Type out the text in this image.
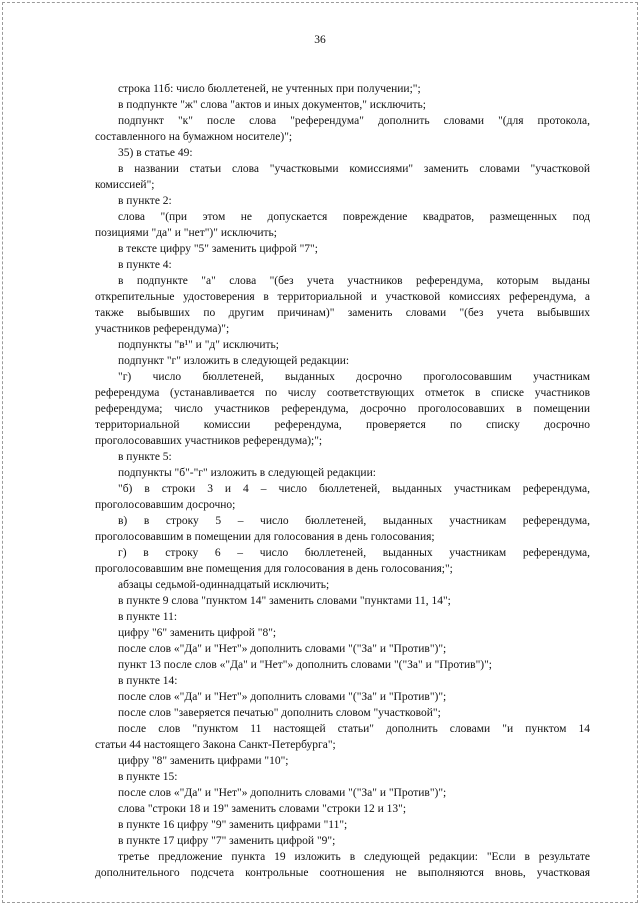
36
строка 11б: число бюллетеней, не учтенных при получении;";
в подпункте "ж" слова "актов и иных документов," исключить;
подпункт "к" после слова "референдума" дополнить словами "(для протокола,
составленного на бумажном носителе)";
35) в статье 49:
в названии статьи слова "участковыми комиссиями" заменить словами "участковой
комиссией";
в пункте 2:
слова "(при этом не допускается повреждение квадратов, размещенных под
позициями "да" и "нет")" исключить;
в тексте цифру "5" заменить цифрой "7";
в пункте 4:
в подпункте "а" слова "(без учета участников референдума, которым выданы
открепительные удостоверения в территориальной и участковой комиссиях референдума, а
также выбывших по другим причинам)" заменить словами "(без учета выбывших
участников референдума)";
подпункты "в¹" и "д" исключить;
подпункт "г" изложить в следующей редакции:
"г) число бюллетеней, выданных досрочно проголосовавшим участникам
референдума (устанавливается по числу соответствующих отметок в списке участников
референдума; число участников референдума, досрочно проголосовавших в помещении
территориальной комиссии референдума, проверяется по списку досрочно
проголосовавших участников референдума);";
в пункте 5:
подпункты "б"-"г" изложить в следующей редакции:
"б) в строки 3 и 4 – число бюллетеней, выданных участникам референдума,
проголосовавшим досрочно;
в) в строку 5 – число бюллетеней, выданных участникам референдума,
проголосовавшим в помещении для голосования в день голосования;
г) в строку 6 – число бюллетеней, выданных участникам референдума,
проголосовавшим вне помещения для голосования в день голосования;";
абзацы седьмой-одиннадцатый исключить;
в пункте 9 слова "пунктом 14" заменить словами "пунктами 11, 14";
в пункте 11:
цифру "6" заменить цифрой "8";
после слов «"Да" и "Нет"» дополнить словами "("За" и "Против")";
пункт 13 после слов «"Да" и "Нет"» дополнить словами "("За" и "Против")";
в пункте 14:
после слов «"Да" и "Нет"» дополнить словами "("За" и "Против")";
после слов "заверяется печатью" дополнить словом "участковой";
после слов "пунктом 11 настоящей статьи" дополнить словами "и пунктом 14
статьи 44 настоящего Закона Санкт-Петербурга";
цифру "8" заменить цифрами "10";
в пункте 15:
после слов «"Да" и "Нет"» дополнить словами "("За" и "Против")";
слова "строки 18 и 19" заменить словами "строки 12 и 13";
в пункте 16 цифру "9" заменить цифрами "11";
в пункте 17 цифру "7" заменить цифрой "9";
третье предложение пункта 19 изложить в следующей редакции: "Если в результате
дополнительного подсчета контрольные соотношения не выполняются вновь, участковая
